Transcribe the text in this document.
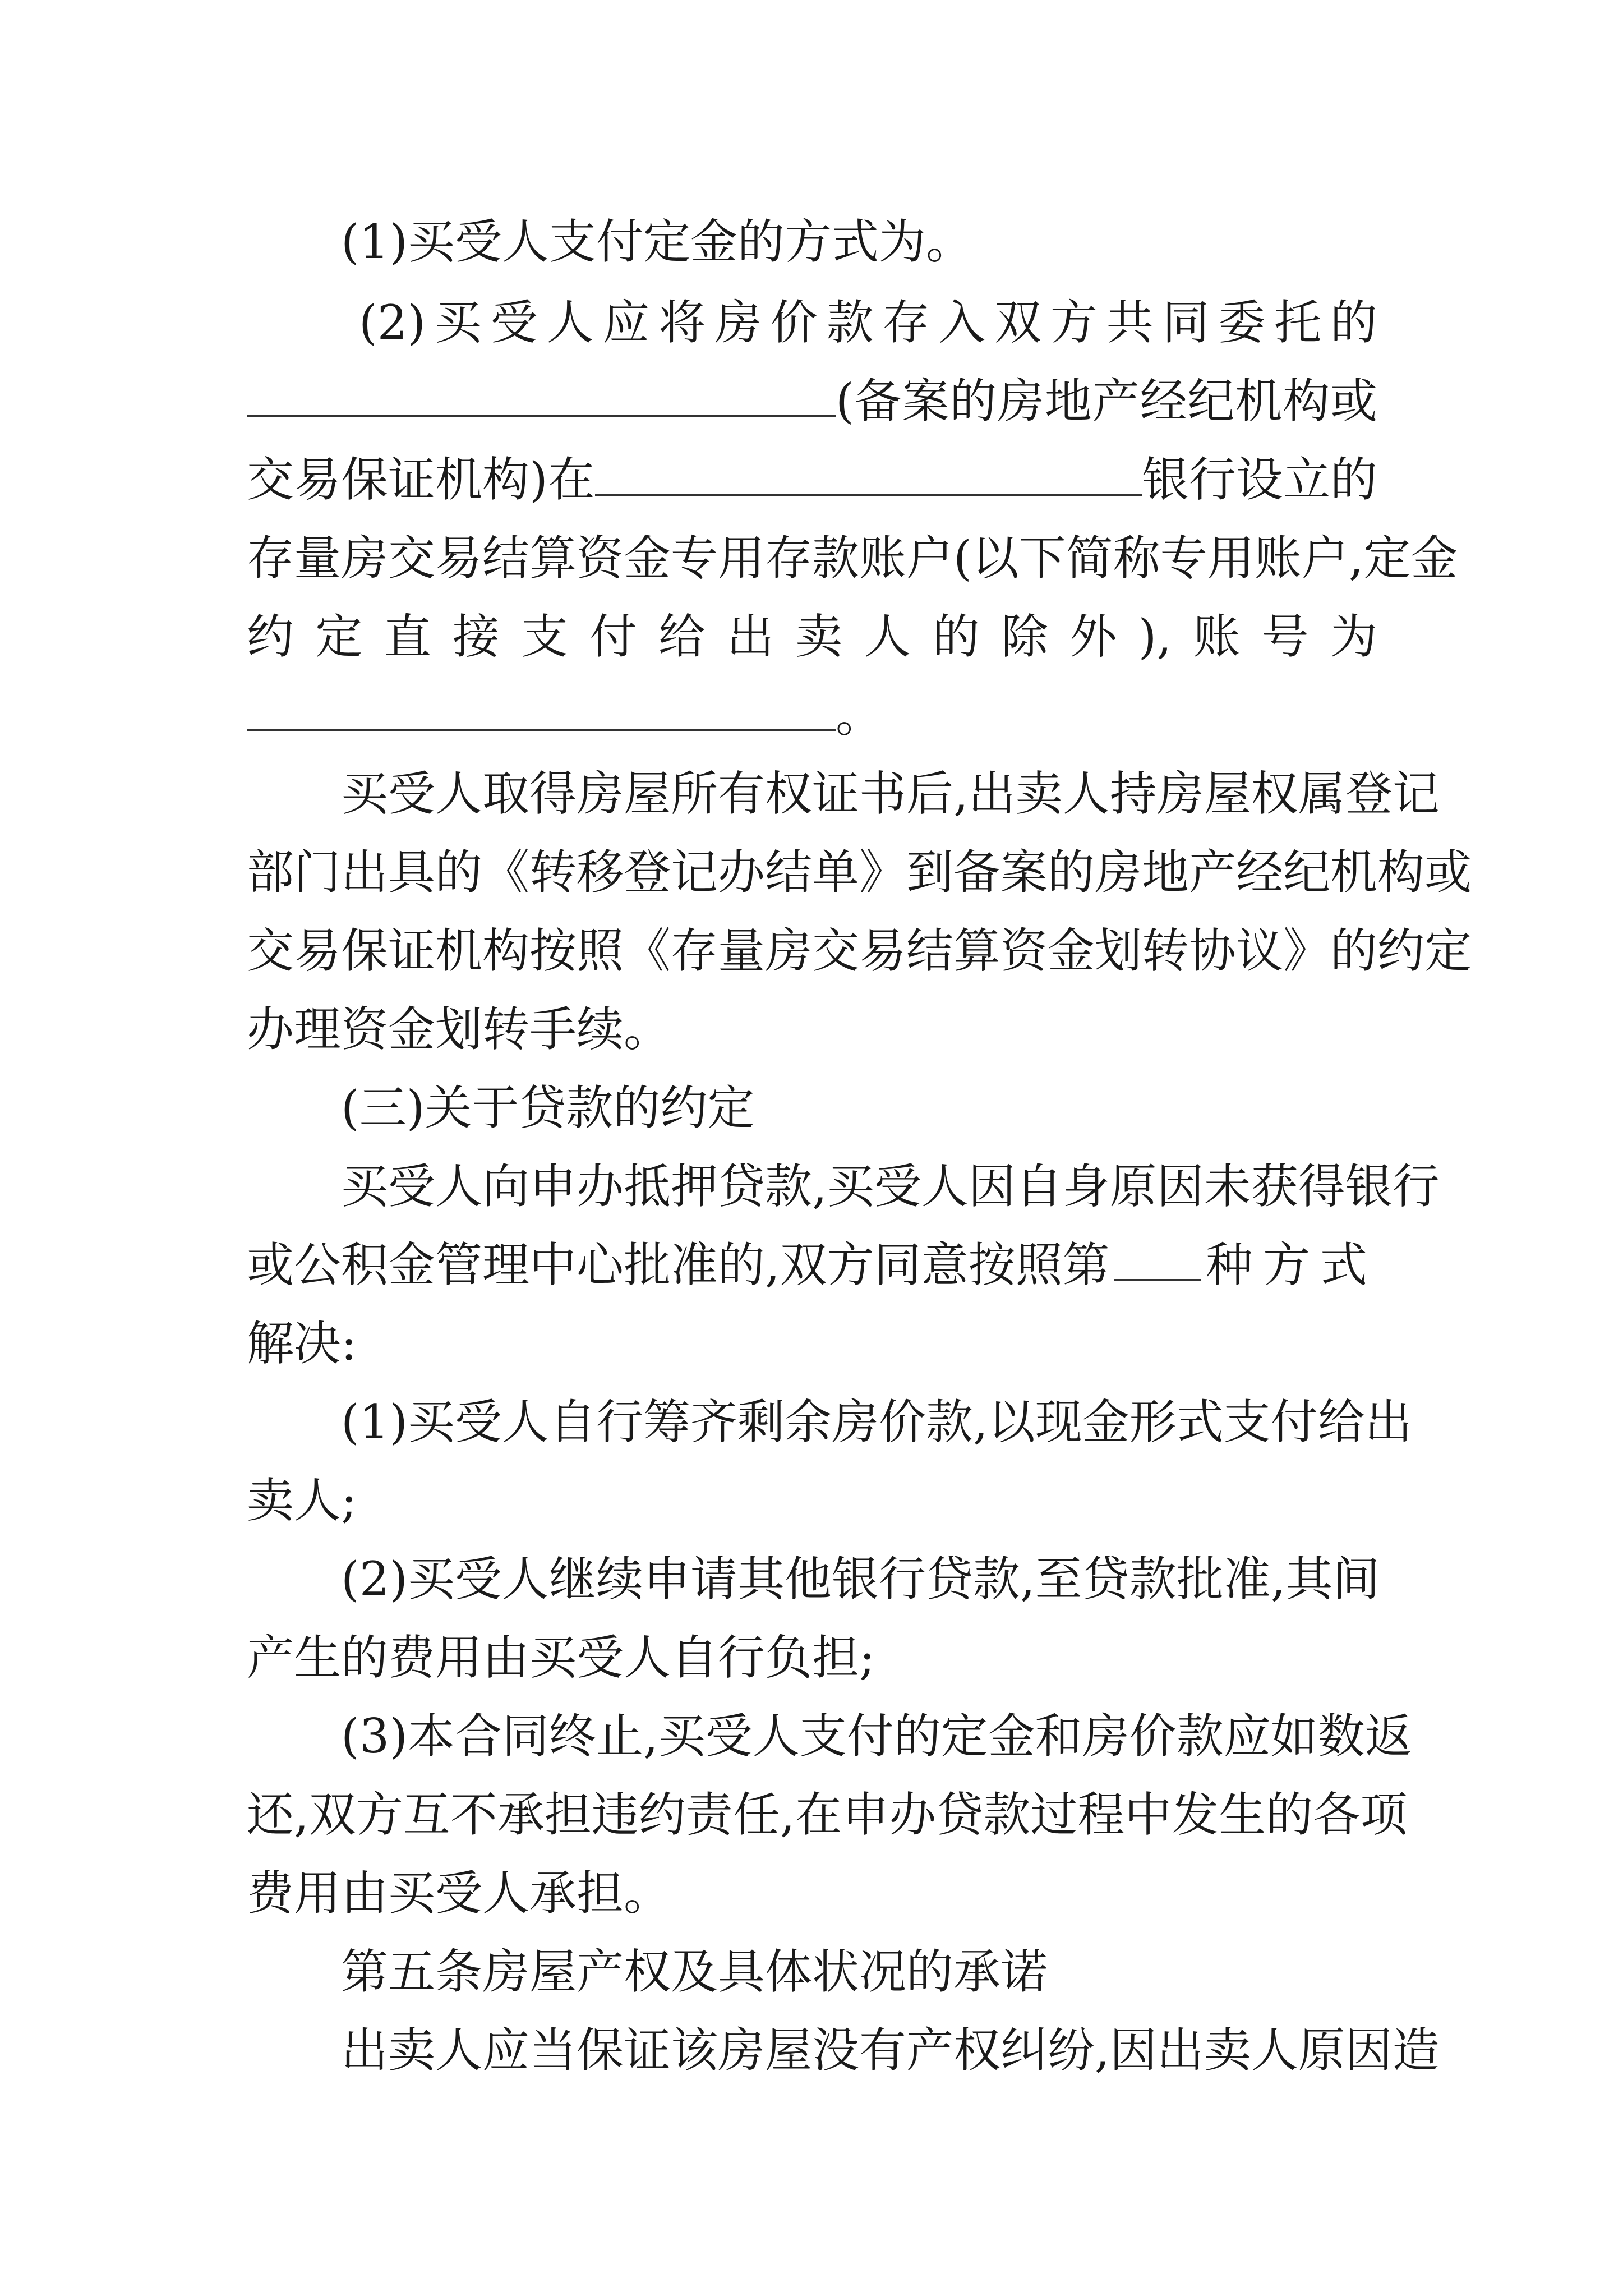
(1)买受人支付定金的方式为。
(2)买受人应将房价款存入双方共同委托的
(备案的房地产经纪机构或
交易保证机构)在	银行设立的
存量房交易结算资金专用存款账户(以下简称专用账户,定金
约定直接支付给出卖人的除外),账号为
。
买受人取得房屋所有权证书后,出卖人持房屋权属登记
部门出具的《转移登记办结单》到备案的房地产经纪机构或
交易保证机构按照《存量房交易结算资金划转协议》的约定
办理资金划转手续。
(三)关于贷款的约定
买受人向申办抵押贷款,买受人因自身原因未获得银行
或公积金管理中心批准的,双方同意按照第 种方式
解决:
(1)买受人自行筹齐剩余房价款,以现金形式支付给出
卖人;
(2)买受人继续申请其他银行贷款,至贷款批准,其间
产生的费用由买受人自行负担;
(3)本合同终止,买受人支付的定金和房价款应如数返
还,双方互不承担违约责任,在申办贷款过程中发生的各项
费用由买受人承担。
第五条房屋产权及具体状况的承诺
出卖人应当保证该房屋没有产权纠纷,因出卖人原因造
